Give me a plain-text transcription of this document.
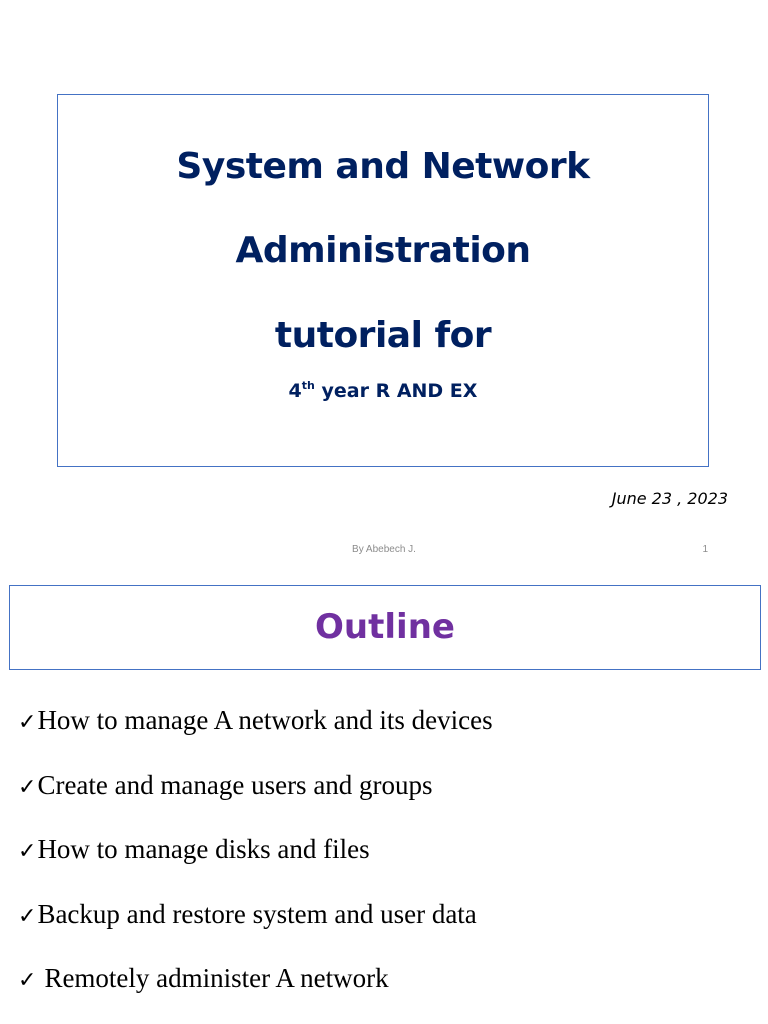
System and Network
Administration
tutorial for
4th year R AND EX
June 23 , 2023
By Abebech J.	1
Outline
✓How to manage A network and its devices
✓Create and manage users and groups
✓How to manage disks and files
✓Backup and restore system and user data
✓ Remotely administer A network
